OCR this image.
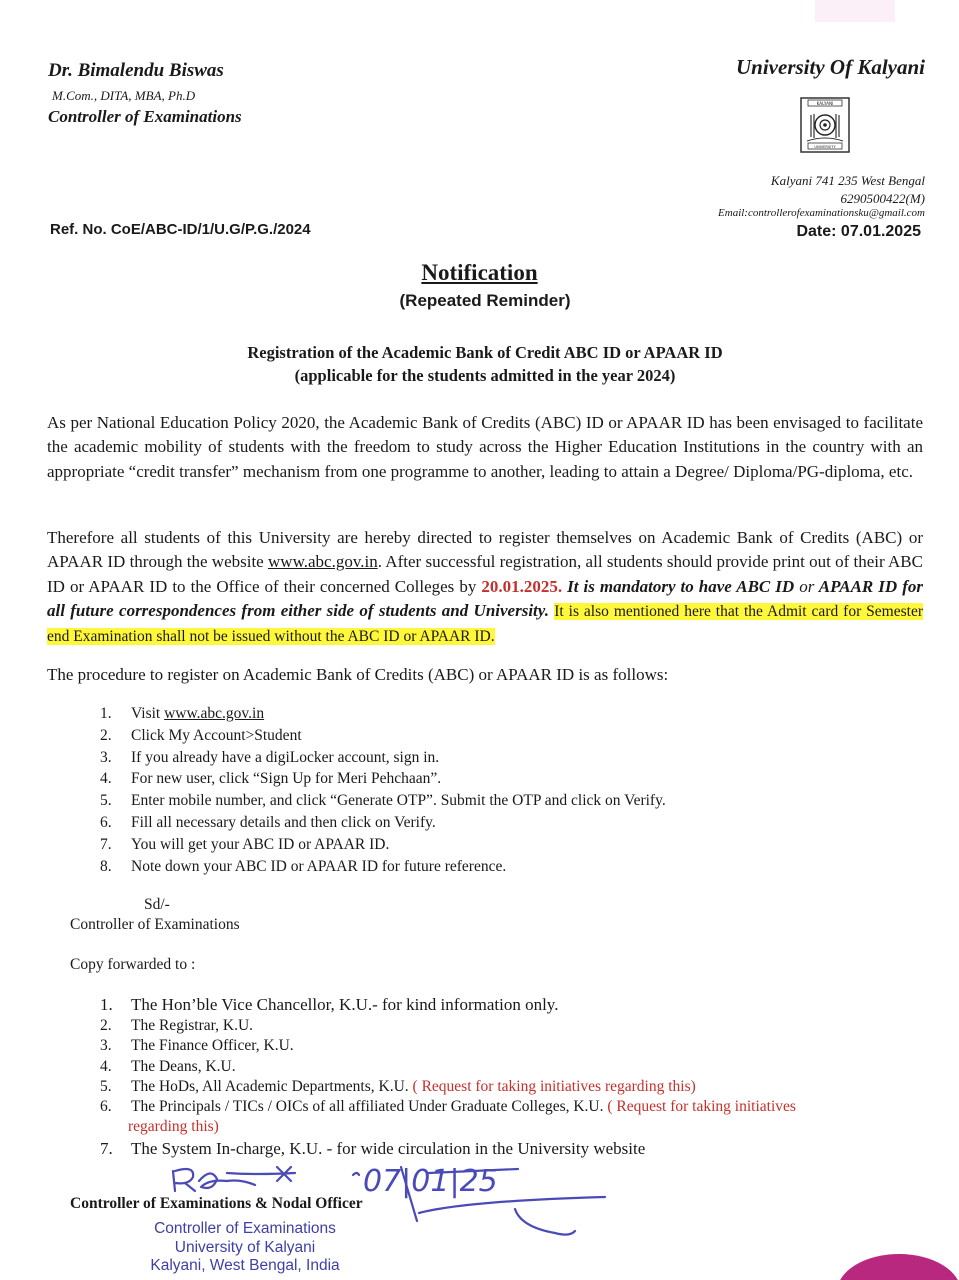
Dr. Bimalendu Biswas
M.Com., DITA, MBA, Ph.D
Controller of Examinations
University Of Kalyani
KALYANI
UNIVERSITY
Kalyani 741 235 West Bengal
6290500422(M)
Email:controllerofexaminationsku@gmail.com
Ref. No. CoE/ABC-ID/1/U.G/P.G./2024	Date: 07.01.2025
Notification
(Repeated Reminder)
Registration of the Academic Bank of Credit ABC ID or APAAR ID
(applicable for the students admitted in the year 2024)
As per National Education Policy 2020, the Academic Bank of Credits (ABC) ID or APAAR ID has been envisaged to facilitate the academic mobility of students with the freedom to study across the Higher Education Institutions in the country with an appropriate “credit transfer” mechanism from one programme to another, leading to attain a Degree/ Diploma/PG-diploma, etc.
Therefore all students of this University are hereby directed to register themselves on Academic Bank of Credits (ABC) or APAAR ID through the website www.abc.gov.in. After successful registration, all students should provide print out of their ABC ID or APAAR ID to the Office of their concerned Colleges by 20.01.2025. It is mandatory to have ABC ID or APAAR ID for all future correspondences from either side of students and University. It is also mentioned here that the Admit card for Semester end Examination shall not be issued without the ABC ID or APAAR ID.
The procedure to register on Academic Bank of Credits (ABC) or APAAR ID is as follows:
1. Visit www.abc.gov.in
2. Click My Account>Student
3. If you already have a digiLocker account, sign in.
4. For new user, click “Sign Up for Meri Pehchaan”.
5. Enter mobile number, and click “Generate OTP”. Submit the OTP and click on Verify.
6. Fill all necessary details and then click on Verify.
7. You will get your ABC ID or APAAR ID.
8. Note down your ABC ID or APAAR ID for future reference.
Sd/-
Controller of Examinations
Copy forwarded to :
1. The Hon’ble Vice Chancellor, K.U.- for kind information only.
2. The Registrar, K.U.
3. The Finance Officer, K.U.
4. The Deans, K.U.
5. The HoDs, All Academic Departments, K.U. ( Request for taking initiatives regarding this)
6. The Principals / TICs / OICs of all affiliated Under Graduate Colleges, K.U. ( Request for taking initiatives
regarding this)
7. The System In-charge, K.U. - for wide circulation in the University website
07|01|25
Controller of Examinations & Nodal Officer
Controller of Examinations
University of Kalyani
Kalyani, West Bengal, India
